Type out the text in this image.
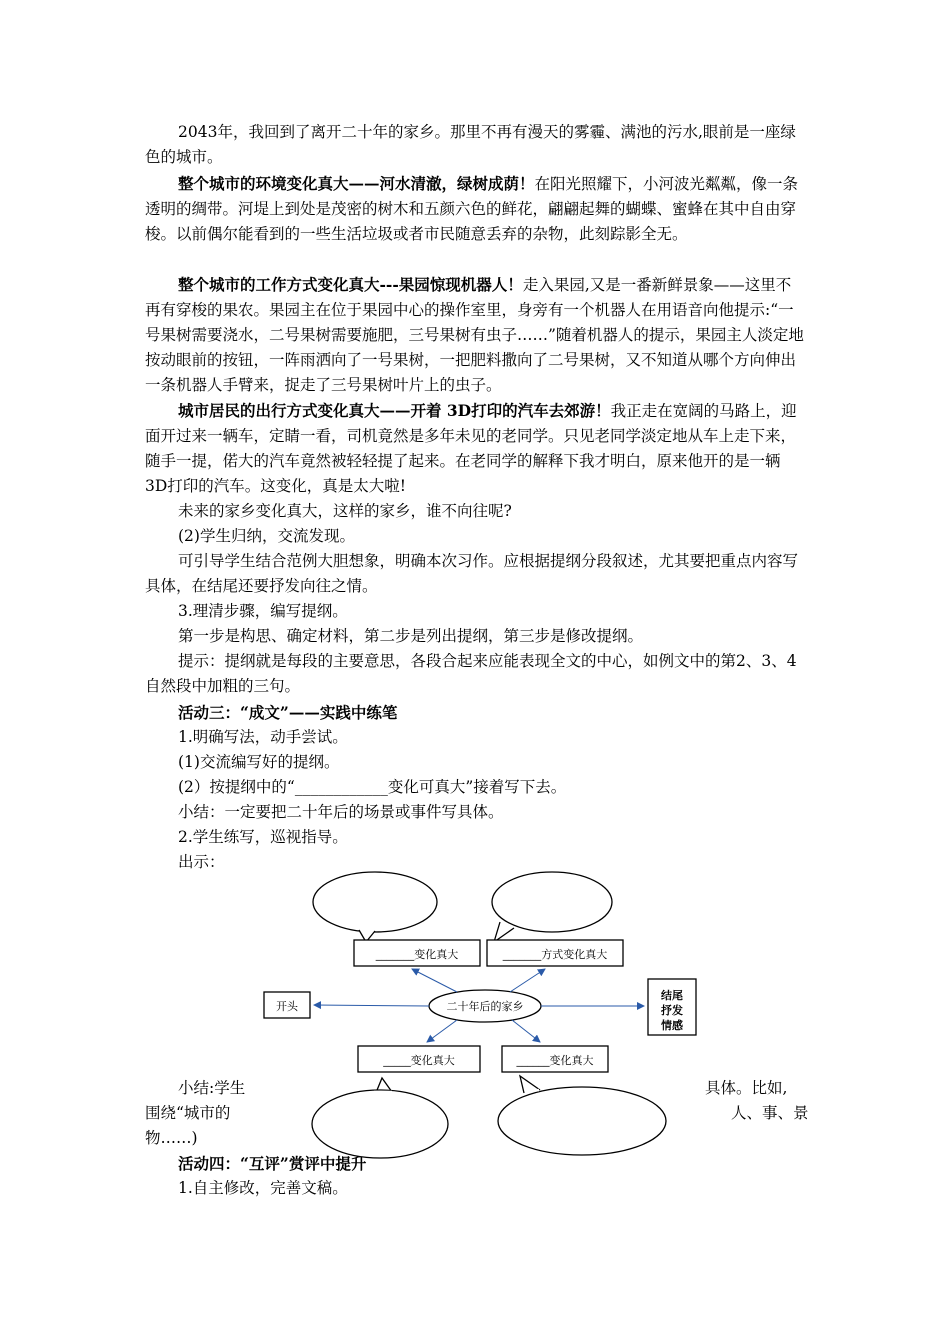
2043年，我回到了离开二十年的家乡。那里不再有漫天的雾霾、满池的污水,眼前是一座绿色的城市。

整个城市的环境变化真大——河水清澈，绿树成荫！在阳光照耀下，小河波光粼粼，像一条透明的绸带。河堤上到处是茂密的树木和五颜六色的鲜花，翩翩起舞的蝴蝶、蜜蜂在其中自由穿梭。以前偶尔能看到的一些生活垃圾或者市民随意丢弃的杂物，此刻踪影全无。

整个城市的工作方式变化真大---果园惊现机器人！走入果园,又是一番新鲜景象——这里不再有穿梭的果农。果园主在位于果园中心的操作室里，身旁有一个机器人在用语音向他提示:“一号果树需要浇水，二号果树需要施肥，三号果树有虫子……”随着机器人的提示，果园主人淡定地按动眼前的按钮，一阵雨洒向了一号果树，一把肥料撒向了二号果树，又不知道从哪个方向伸出一条机器人手臂来，捉走了三号果树叶片上的虫子。

城市居民的出行方式变化真大——开着 3D打印的汽车去郊游！我正走在宽阔的马路上，迎面开过来一辆车，定睛一看，司机竟然是多年未见的老同学。只见老同学淡定地从车上走下来，随手一提，偌大的汽车竟然被轻轻提了起来。在老同学的解释下我才明白，原来他开的是一辆 3D打印的汽车。这变化，真是太大啦!

未来的家乡变化真大，这样的家乡，谁不向往呢?

(2)学生归纳，交流发现。

可引导学生结合范例大胆想象，明确本次习作。应根据提纲分段叙述，尤其要把重点内容写具体，在结尾还要抒发向往之情。

3.理清步骤，编写提纲。

第一步是构思、确定材料，第二步是列出提纲，第三步是修改提纲。

提示：提纲就是每段的主要意思，各段合起来应能表现全文的中心，如例文中的第2、3、4自然段中加粗的三句。

活动三：“成文”——实践中练笔

1.明确写法，动手尝试。

(1)交流编写好的提纲。

(2）按提纲中的“____________变化可真大”接着写下去。

小结：一定要把二十年后的场景或事件写具体。

2.学生练写，巡视指导。

出示：

小结:学生	具体。比如,

围绕“城市的	人、事、景

物……)

活动四：“互评”赏评中提升

1.自主修改，完善文稿。

_______变化真大	_______方式变化真大
开头
结尾
抒发
情感
二十年后的家乡
_____变化真大	______变化真大
